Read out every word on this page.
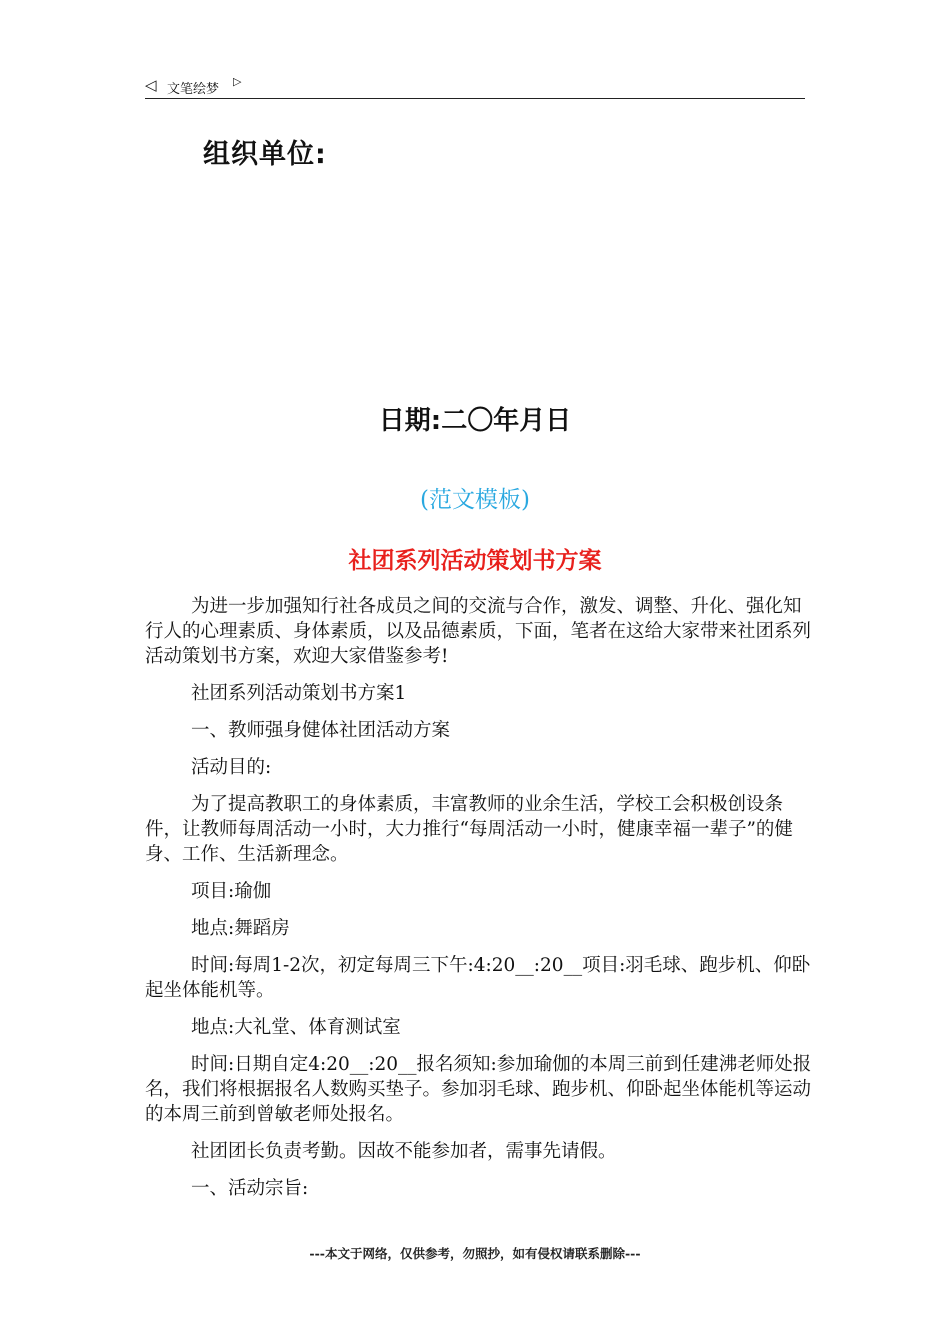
◁ 文笔绘梦
▷
组织单位:
日期:二〇年月日
(范文模板)
社团系列活动策划书方案

为进一步加强知行社各成员之间的交流与合作，激发、调整、升化、强化知行人的心理素质、身体素质，以及品德素质，下面，笔者在这给大家带来社团系列活动策划书方案，欢迎大家借鉴参考!

社团系列活动策划书方案1

一、教师强身健体社团活动方案

活动目的:

为了提高教职工的身体素质，丰富教师的业余生活，学校工会积极创设条件，让教师每周活动一小时，大力推行“每周活动一小时，健康幸福一辈子”的健身、工作、生活新理念。

项目:瑜伽

地点:舞蹈房

时间:每周1-2次，初定每周三下午:4:20__:20__项目:羽毛球、跑步机、仰卧起坐体能机等。

地点:大礼堂、体育测试室

时间:日期自定4:20__:20__报名须知:参加瑜伽的本周三前到任建沸老师处报名，我们将根据报名人数购买垫子。参加羽毛球、跑步机、仰卧起坐体能机等运动的本周三前到曾敏老师处报名。

社团团长负责考勤。因故不能参加者，需事先请假。

一、活动宗旨:

---本文于网络，仅供参考，勿照抄，如有侵权请联系删除---
